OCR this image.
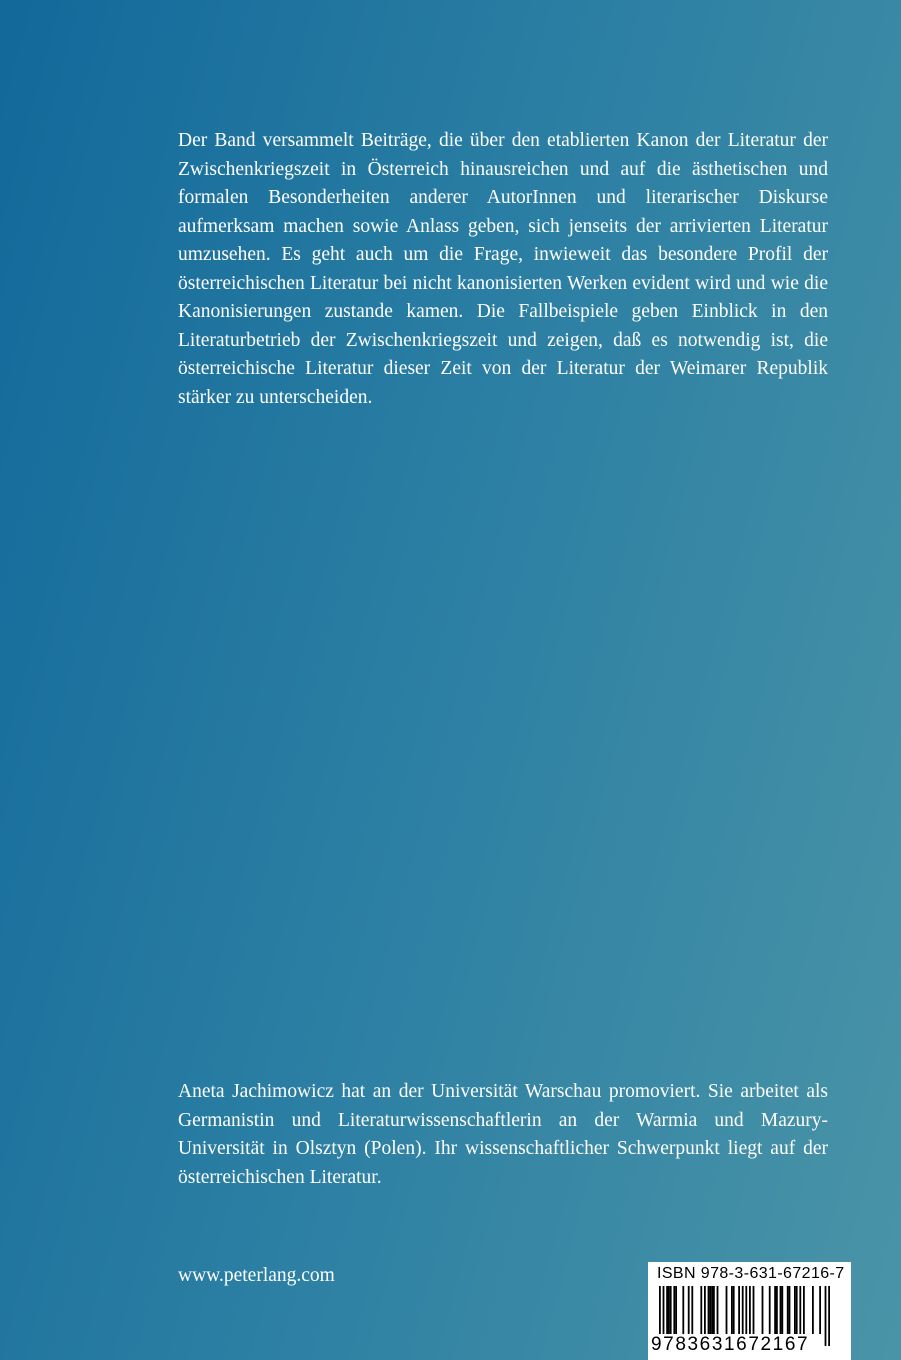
Der Band versammelt Beiträge, die über den etablierten Kanon der Literatur der Zwischenkriegszeit in Österreich hinausreichen und auf die ästhetischen und formalen Besonderheiten anderer AutorInnen und literarischer Diskurse aufmerksam machen sowie Anlass geben, sich jenseits der arrivierten Literatur umzusehen. Es geht auch um die Frage, inwieweit das besondere Profil der österreichischen Literatur bei nicht kanonisierten Werken evident wird und wie die Kanonisierungen zustande kamen. Die Fallbeispiele geben Einblick in den Literaturbetrieb der Zwischenkriegszeit und zeigen, daß es notwendig ist, die österreichische Literatur dieser Zeit von der Literatur der Weimarer Republik stärker zu unterscheiden.

Aneta Jachimowicz hat an der Universität Warschau promoviert. Sie arbeitet als Germanistin und Literaturwissenschaftlerin an der Warmia und Mazury-Universität in Olsztyn (Polen). Ihr wissenschaftlicher Schwerpunkt liegt auf der österreichischen Literatur.

www.peterlang.com	ISBN 978-3-631-67216-7
9783631672167
